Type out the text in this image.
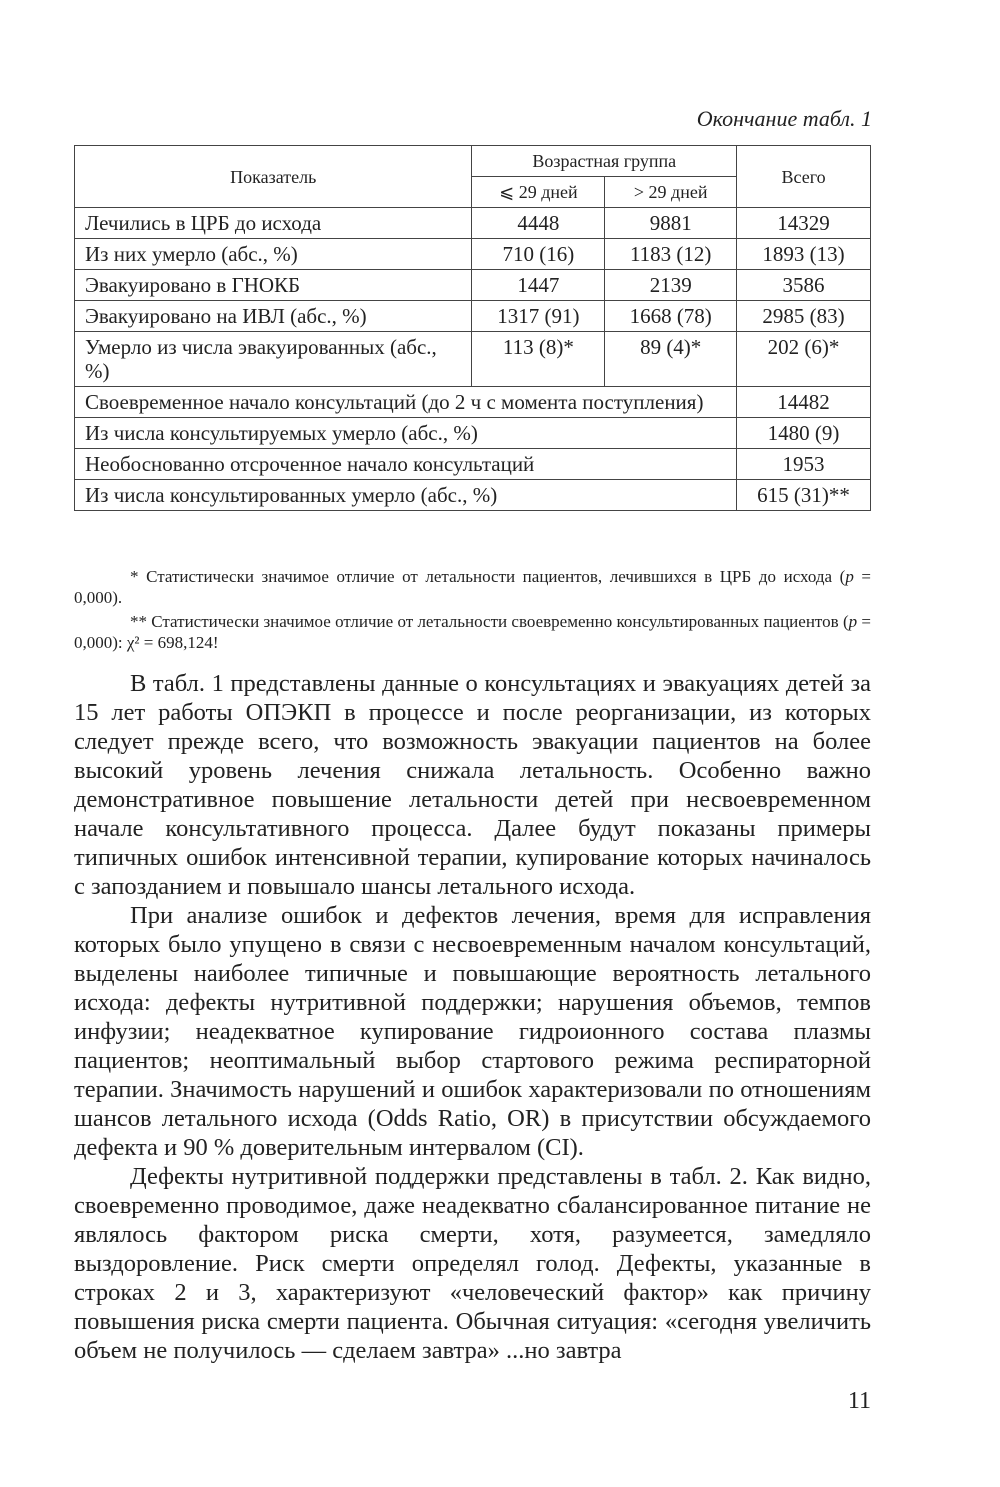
Окончание табл. 1
Показатель	Возрастная группа		Всего
	⩽ 29 дней	> 29 дней	
Лечились в ЦРБ до исхода	4448	9881	14329
Из них умерло (абс., %)	710 (16)	1183 (12)	1893 (13)
Эвакуировано в ГНОКБ	1447	2139	3586
Эвакуировано на ИВЛ (абс., %)	1317 (91)	1668 (78)	2985 (83)
Умерло из числа эвакуированных (абс., %)	113 (8)*	89 (4)*	202 (6)*
Своевременное начало консультаций (до 2 ч с момента поступления)			14482
Из числа консультируемых умерло (абс., %)			1480 (9)
Необоснованно отсроченное начало консультаций			1953
Из числа консультированных умерло (абс., %)			615 (31)**
* Статистически значимое отличие от летальности пациентов, лечившихся в ЦРБ до исхода (p = 0,000).
** Статистически значимое отличие от летальности своевременно консультированных пациентов (p = 0,000): χ² = 698,124!

В табл. 1 представлены данные о консультациях и эвакуациях детей за 15 лет работы ОПЭКП в процессе и после реорганизации, из которых следует прежде всего, что возможность эвакуации пациентов на более высокий уровень лечения снижала летальность. Особенно важно демонстративное повышение летальности детей при несвоевременном начале консультативного процесса. Далее будут показаны примеры типичных ошибок интенсивной терапии, купирование которых начиналось с запозданием и повышало шансы летального исхода.

При анализе ошибок и дефектов лечения, время для исправления которых было упущено в связи с несвоевременным началом консультаций, выделены наиболее типичные и повышающие вероятность летального исхода: дефекты нутритивной поддержки; нарушения объемов, темпов инфузии; неадекватное купирование гидроионного состава плазмы пациентов; неоптимальный выбор стартового режима респираторной терапии. Значимость нарушений и ошибок характеризовали по отношениям шансов летального исхода (Odds Ratio, OR) в присутствии обсуждаемого дефекта и 90 % доверительным интервалом (CI).

Дефекты нутритивной поддержки представлены в табл. 2. Как видно, своевременно проводимое, даже неадекватно сбалансированное питание не являлось фактором риска смерти, хотя, разумеется, замедляло выздоровление. Риск смерти определял голод. Дефекты, указанные в строках 2 и 3, характеризуют «человеческий фактор» как причину повышения риска смерти пациента. Обычная ситуация: «сегодня увеличить объем не получилось — сделаем завтра» ...но завтра

11
